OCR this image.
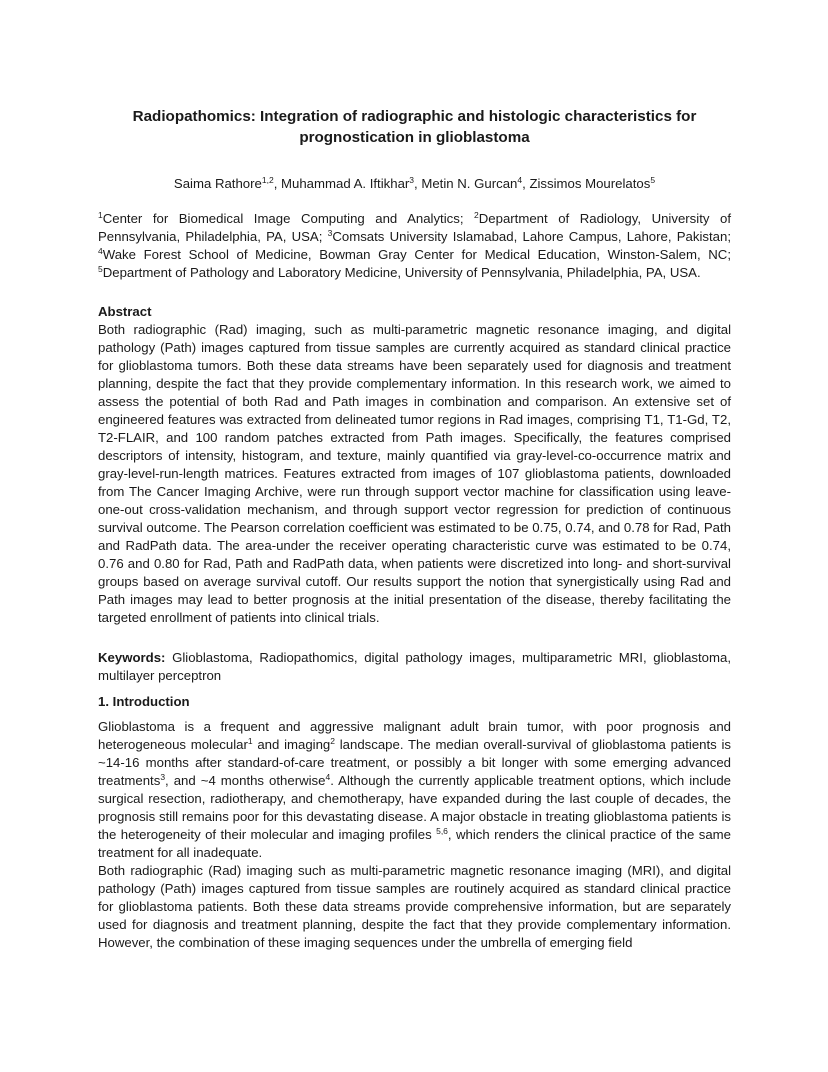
Radiopathomics: Integration of radiographic and histologic characteristics for
prognostication in glioblastoma
Saima Rathore$^{1,2}$, Muhammad A. Iftikhar$^3$, Metin N. Gurcan$^4$, Zissimos Mourelatos$^5$
$^1$Center for Biomedical Image Computing and Analytics; $^2$Department of Radiology, University of Pennsylvania, Philadelphia, PA, USA; $^3$Comsats University Islamabad, Lahore Campus, Lahore, Pakistan; $^4$Wake Forest School of Medicine, Bowman Gray Center for Medical Education, Winston-Salem, NC; $^5$Department of Pathology and Laboratory Medicine, University of Pennsylvania, Philadelphia, PA, USA.
Abstract
Both radiographic (Rad) imaging, such as multi-parametric magnetic resonance imaging, and digital pathology (Path) images captured from tissue samples are currently acquired as standard clinical practice for glioblastoma tumors. Both these data streams have been separately used for diagnosis and treatment planning, despite the fact that they provide complementary information. In this research work, we aimed to assess the potential of both Rad and Path images in combination and comparison. An extensive set of engineered features was extracted from delineated tumor regions in Rad images, comprising T1, T1-Gd, T2, T2-FLAIR, and 100 random patches extracted from Path images. Specifically, the features comprised descriptors of intensity, histogram, and texture, mainly quantified via gray-level-co-occurrence matrix and gray-level-run-length matrices. Features extracted from images of 107 glioblastoma patients, downloaded from The Cancer Imaging Archive, were run through support vector machine for classification using leave-one-out cross-validation mechanism, and through support vector regression for prediction of continuous survival outcome. The Pearson correlation coefficient was estimated to be 0.75, 0.74, and 0.78 for Rad, Path and RadPath data. The area-under the receiver operating characteristic curve was estimated to be 0.74, 0.76 and 0.80 for Rad, Path and RadPath data, when patients were discretized into long- and short-survival groups based on average survival cutoff. Our results support the notion that synergistically using Rad and Path images may lead to better prognosis at the initial presentation of the disease, thereby facilitating the targeted enrollment of patients into clinical trials.
Keywords: Glioblastoma, Radiopathomics, digital pathology images, multiparametric MRI, glioblastoma, multilayer perceptron
1. Introduction

Glioblastoma is a frequent and aggressive malignant adult brain tumor, with poor prognosis and heterogeneous molecular$^1$ and imaging$^2$ landscape. The median overall-survival of glioblastoma patients is ~14-16 months after standard-of-care treatment, or possibly a bit longer with some emerging advanced treatments$^3$, and ~4 months otherwise$^4$. Although the currently applicable treatment options, which include surgical resection, radiotherapy, and chemotherapy, have expanded during the last couple of decades, the prognosis still remains poor for this devastating disease. A major obstacle in treating glioblastoma patients is the heterogeneity of their molecular and imaging profiles $^{5,6}$, which renders the clinical practice of the same treatment for all inadequate.

Both radiographic (Rad) imaging such as multi-parametric magnetic resonance imaging (MRI), and digital pathology (Path) images captured from tissue samples are routinely acquired as standard clinical practice for glioblastoma patients. Both these data streams provide comprehensive information, but are separately used for diagnosis and treatment planning, despite the fact that they provide complementary information. However, the combination of these imaging sequences under the umbrella of emerging field
